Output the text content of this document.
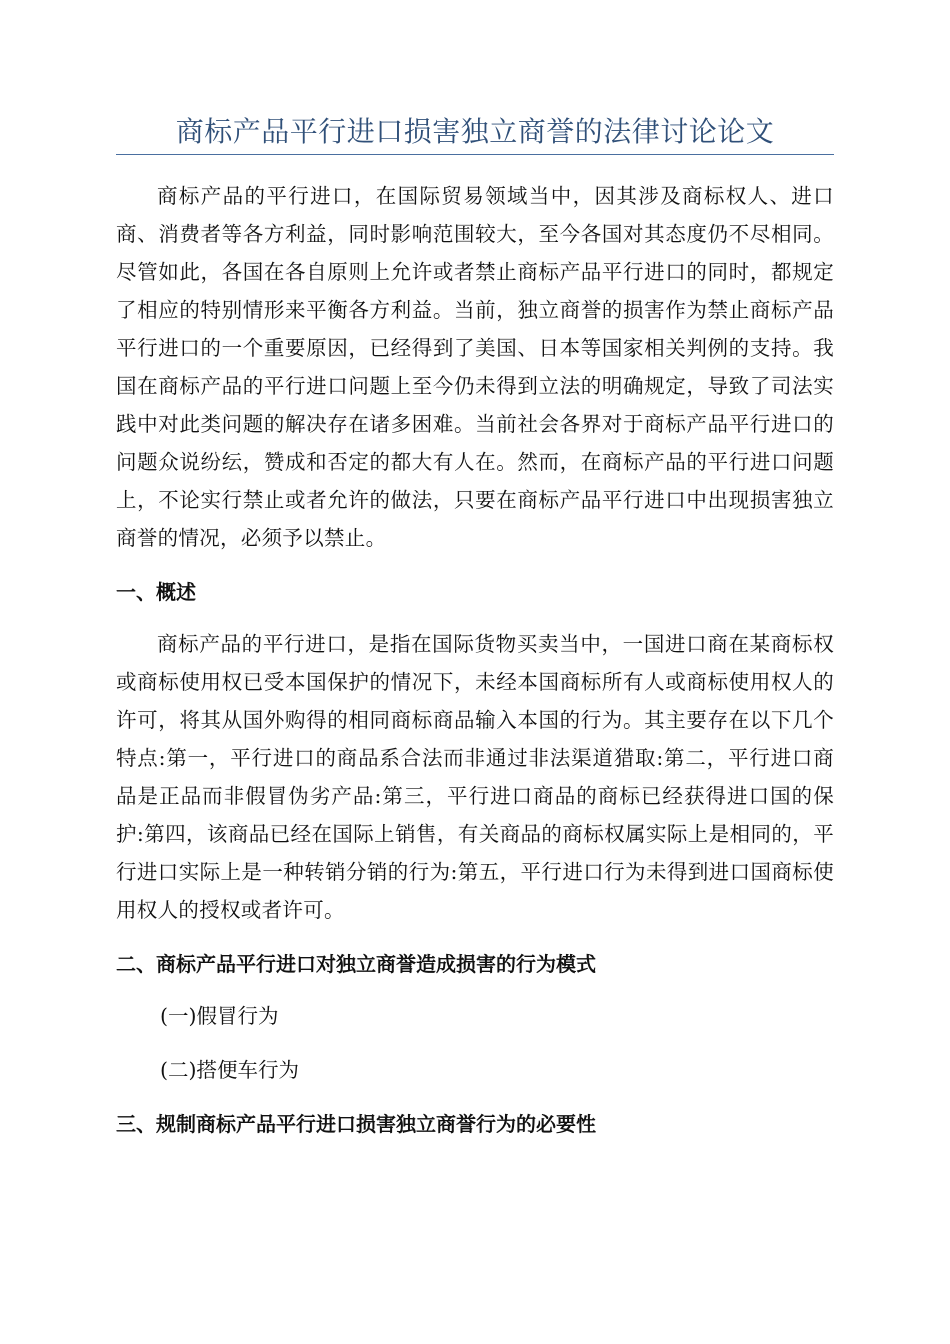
商标产品平行进口损害独立商誉的法律讨论论文

商标产品的平行进口，在国际贸易领域当中，因其涉及商标权人、进口商、消费者等各方利益，同时影响范围较大，至今各国对其态度仍不尽相同。尽管如此，各国在各自原则上允许或者禁止商标产品平行进口的同时，都规定了相应的特别情形来平衡各方利益。当前，独立商誉的损害作为禁止商标产品平行进口的一个重要原因，已经得到了美国、日本等国家相关判例的支持。我国在商标产品的平行进口问题上至今仍未得到立法的明确规定，导致了司法实践中对此类问题的解决存在诸多困难。当前社会各界对于商标产品平行进口的问题众说纷纭，赞成和否定的都大有人在。然而，在商标产品的平行进口问题上，不论实行禁止或者允许的做法，只要在商标产品平行进口中出现损害独立商誉的情况，必须予以禁止。

一、概述

商标产品的平行进口，是指在国际货物买卖当中，一国进口商在某商标权或商标使用权已受本国保护的情况下，未经本国商标所有人或商标使用权人的许可，将其从国外购得的相同商标商品输入本国的行为。其主要存在以下几个特点:第一，平行进口的商品系合法而非通过非法渠道猎取:第二，平行进口商品是正品而非假冒伪劣产品:第三，平行进口商品的商标已经获得进口国的保护:第四，该商品已经在国际上销售，有关商品的商标权属实际上是相同的，平行进口实际上是一种转销分销的行为:第五，平行进口行为未得到进口国商标使用权人的授权或者许可。

二、商标产品平行进口对独立商誉造成损害的行为模式

(一)假冒行为

(二)搭便车行为

三、规制商标产品平行进口损害独立商誉行为的必要性
